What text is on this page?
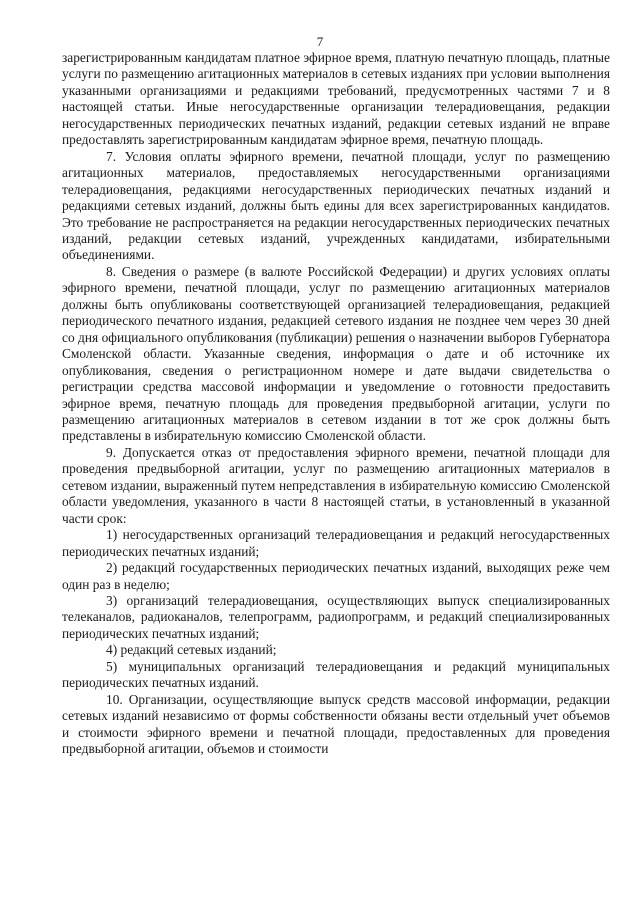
7

зарегистрированным кандидатам платное эфирное время, платную печатную площадь, платные услуги по размещению агитационных материалов в сетевых изданиях при условии выполнения указанными организациями и редакциями требований, предусмотренных частями 7 и 8 настоящей статьи. Иные негосударственные организации телерадиовещания, редакции негосударственных периодических печатных изданий, редакции сетевых изданий не вправе предоставлять зарегистрированным кандидатам эфирное время, печатную площадь.

7. Условия оплаты эфирного времени, печатной площади, услуг по размещению агитационных материалов, предоставляемых негосударственными организациями телерадиовещания, редакциями негосударственных периодических печатных изданий и редакциями сетевых изданий, должны быть едины для всех зарегистрированных кандидатов. Это требование не распространяется на редакции негосударственных периодических печатных изданий, редакции сетевых изданий, учрежденных кандидатами, избирательными объединениями.

8. Сведения о размере (в валюте Российской Федерации) и других условиях оплаты эфирного времени, печатной площади, услуг по размещению агитационных материалов должны быть опубликованы соответствующей организацией телерадиовещания, редакцией периодического печатного издания, редакцией сетевого издания не позднее чем через 30 дней со дня официального опубликования (публикации) решения о назначении выборов Губернатора Смоленской области. Указанные сведения, информация о дате и об источнике их опубликования, сведения о регистрационном номере и дате выдачи свидетельства о регистрации средства массовой информации и уведомление о готовности предоставить эфирное время, печатную площадь для проведения предвыборной агитации, услуги по размещению агитационных материалов в сетевом издании в тот же срок должны быть представлены в избирательную комиссию Смоленской области.

9. Допускается отказ от предоставления эфирного времени, печатной площади для проведения предвыборной агитации, услуг по размещению агитационных материалов в сетевом издании, выраженный путем непредставления в избирательную комиссию Смоленской области уведомления, указанного в части 8 настоящей статьи, в установленный в указанной части срок:

1) негосударственных организаций телерадиовещания и редакций негосударственных периодических печатных изданий;

2) редакций государственных периодических печатных изданий, выходящих реже чем один раз в неделю;

3) организаций телерадиовещания, осуществляющих выпуск специализированных телеканалов, радиоканалов, телепрограмм, радиопрограмм, и редакций специализированных периодических печатных изданий;

4) редакций сетевых изданий;

5) муниципальных организаций телерадиовещания и редакций муниципальных периодических печатных изданий.

10. Организации, осуществляющие выпуск средств массовой информации, редакции сетевых изданий независимо от формы собственности обязаны вести отдельный учет объемов и стоимости эфирного времени и печатной площади, предоставленных для проведения предвыборной агитации, объемов и стоимости
